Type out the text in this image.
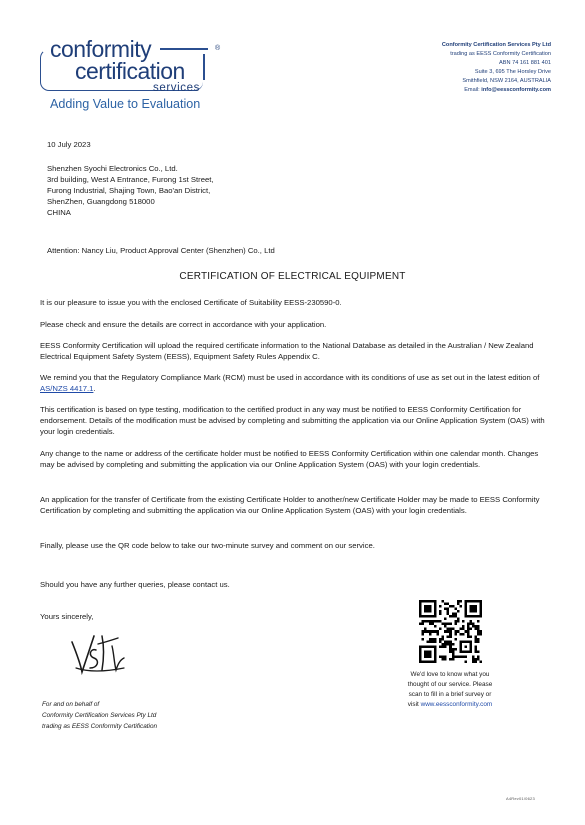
conformity
certification
services
®
Adding Value to Evaluation
Conformity Certification Services Pty Ltd
trading as EESS Conformity Certification
ABN 74 161 881 401
Suite 3, 695 The Horsley Drive
Smithfield, NSW 2164, AUSTRALIA
Email: info@eessconformity.com
10 July 2023
Shenzhen Syochi Electronics Co., Ltd.
3rd building, West A Entrance, Furong 1st Street,
Furong Industrial, Shajing Town, Bao'an District,
ShenZhen, Guangdong 518000
CHINA
Attention: Nancy Liu, Product Approval Center (Shenzhen) Co., Ltd
CERTIFICATION OF ELECTRICAL EQUIPMENT
It is our pleasure to issue you with the enclosed Certificate of Suitability EESS-230590-0.
Please check and ensure the details are correct in accordance with your application.
EESS Conformity Certification will upload the required certificate information to the National Database as detailed in the Australian / New Zealand Electrical Equipment Safety System (EESS), Equipment Safety Rules Appendix C.
We remind you that the Regulatory Compliance Mark (RCM) must be used in accordance with its conditions of use as set out in the latest edition of AS/NZS 4417.1.
This certification is based on type testing, modification to the certified product in any way must be notified to EESS Conformity Certification for endorsement. Details of the modification must be advised by completing and submitting the application via our Online Application System (OAS) with your login credentials.
Any change to the name or address of the certificate holder must be notified to EESS Conformity Certification within one calendar month. Changes may be advised by completing and submitting the application via our Online Application System (OAS) with your login credentials.
An application for the transfer of Certificate from the existing Certificate Holder to another/new Certificate Holder may be made to EESS Conformity Certification by completing and submitting the application via our Online Application System (OAS) with your login credentials.
Finally, please use the QR code below to take our two-minute survey and comment on our service.
Should you have any further queries, please contact us.
Yours sincerely,
For and on behalf of
Conformity Certification Services Pty Ltd
trading as EESS Conformity Certification
We'd love to know what you
thought of our service. Please
scan to fill in a brief survey or
visit www.eessconformity.com
A4Rev01/0623
